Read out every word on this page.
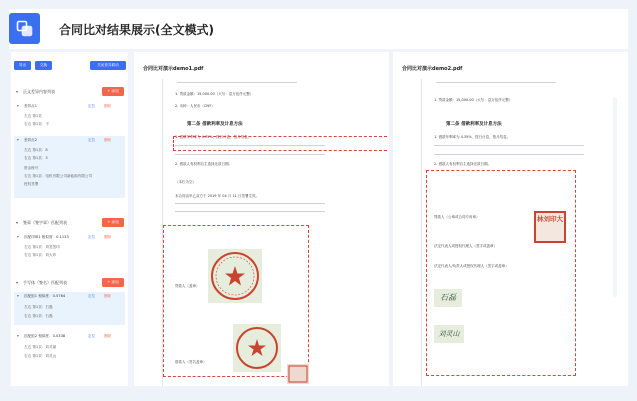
合同比对结果展示(全文模式)
导出	交换	关闭差异联动
▾ 正文差异内容列表	+ 添加
▾ 差异点1	定位 删除
左边 第1页
右边 第1页：不
▾ 差异点2	定位 删除
左边 第1页：8
右边 第1页：3
资金账号
右边 第1页：电机有限公司新能源有限公司
授权签署
▾ 签章（签字章）匹配列表	+ 添加
▾ 匹配印章1 相似度：0.1133	定位 删除
左边 第1页：刘签签印
右边 第1页：刘大印
▾ 手写体（签名）匹配列表	+ 添加
▾ 匹配组1 相似度：0.5764	定位 删除
左边 第1页：石磊
右边 第1页：石磊
▾ 匹配组2 相似度：0.0338	定位 删除
左边 第1页：刘灵丽
右边 第1页：刘灵山
合同比对演示demo1.pdf
1. 贷款金额：15,000.00（大写：壹万伍仟元整）
2. 币种：人民币（CNY）
第二条 借款利率及计息方法
1. 借款年利率为 4.35%，按日计息，按月结息。
2. 借款人有权利自主选择还款日期。
（本栏为空）
本合同由甲乙双方于 2019 年 04 月 11 日签署生效。
贷款人（盖章）
借款人（签名盖章）
合同比对演示demo2.pdf
1. 贷款金额：15,000.00（大写：壹万伍仟元整）
第二条 借款利率及计息方法
1. 借款年利率为 4.35%，按日计息，按月结息。
2. 借款人有权利自主选择还款日期。
贷款人（公章或合同专用章）
法定代表人或授权代理人（签字或盖章）
法定代表人/负责人或授权代理人（签字或盖章）
林刘印大
石磊
刘灵山
